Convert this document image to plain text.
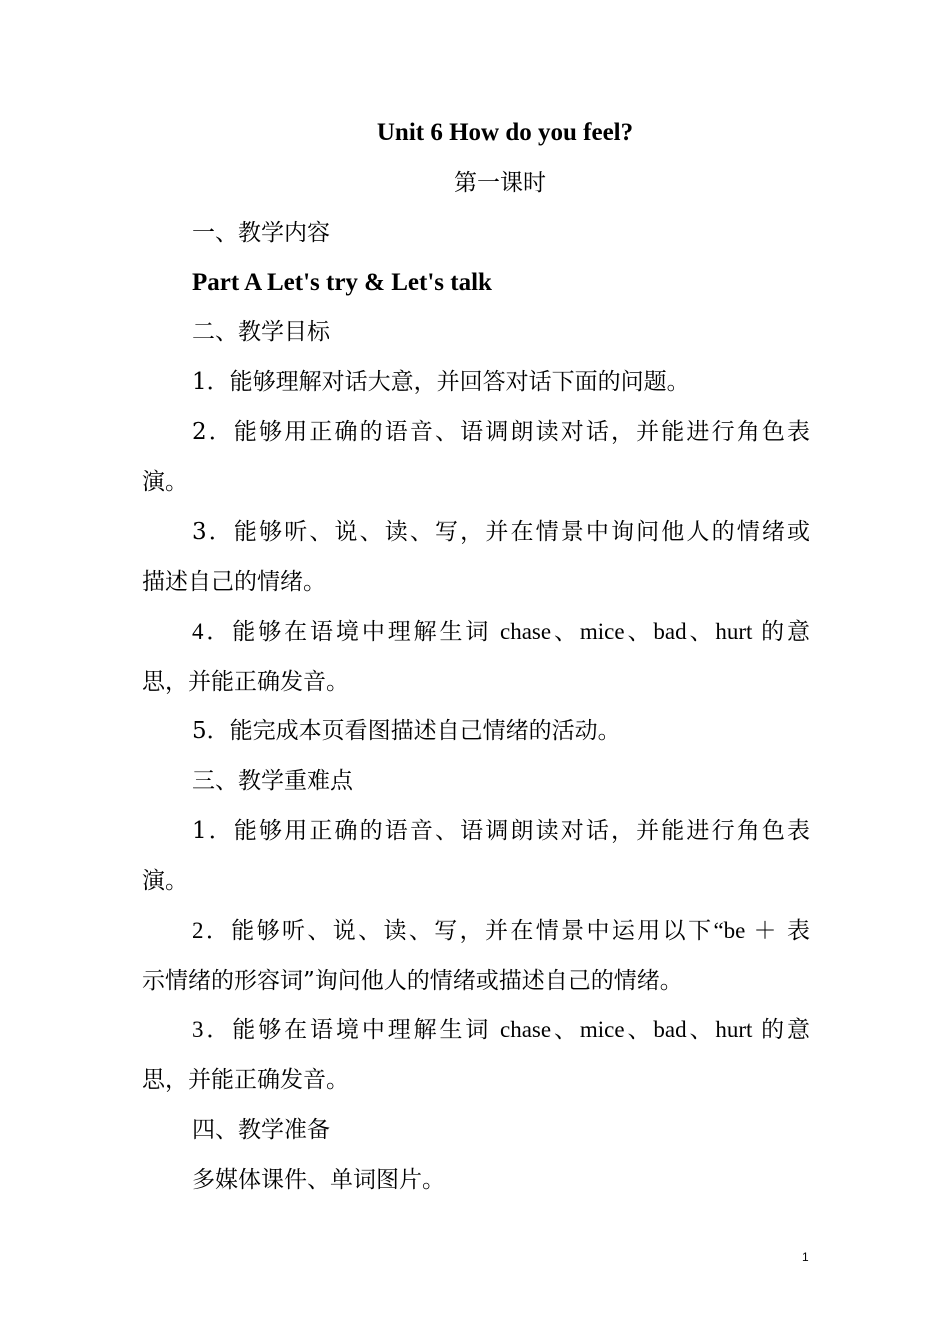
Unit 6 How do you feel?
第一课时
一、教学内容
Part A Let's try & Let's talk
二、教学目标
1．能够理解对话大意，并回答对话下面的问题。
2．能够用正确的语音、语调朗读对话，并能进行角色表
演。
3．能够听、说、读、写，并在情景中询问他人的情绪或
描述自己的情绪。
4．能够在语境中理解生词 chase、mice、bad、hurt 的意
思，并能正确发音。
5．能完成本页看图描述自己情绪的活动。
三、教学重难点
1．能够用正确的语音、语调朗读对话，并能进行角色表
演。
2．能够听、说、读、写，并在情景中运用以下“be ＋ 表
示情绪的形容词”询问他人的情绪或描述自己的情绪。
3．能够在语境中理解生词 chase、mice、bad、hurt 的意
思，并能正确发音。
四、教学准备
多媒体课件、单词图片。
1
